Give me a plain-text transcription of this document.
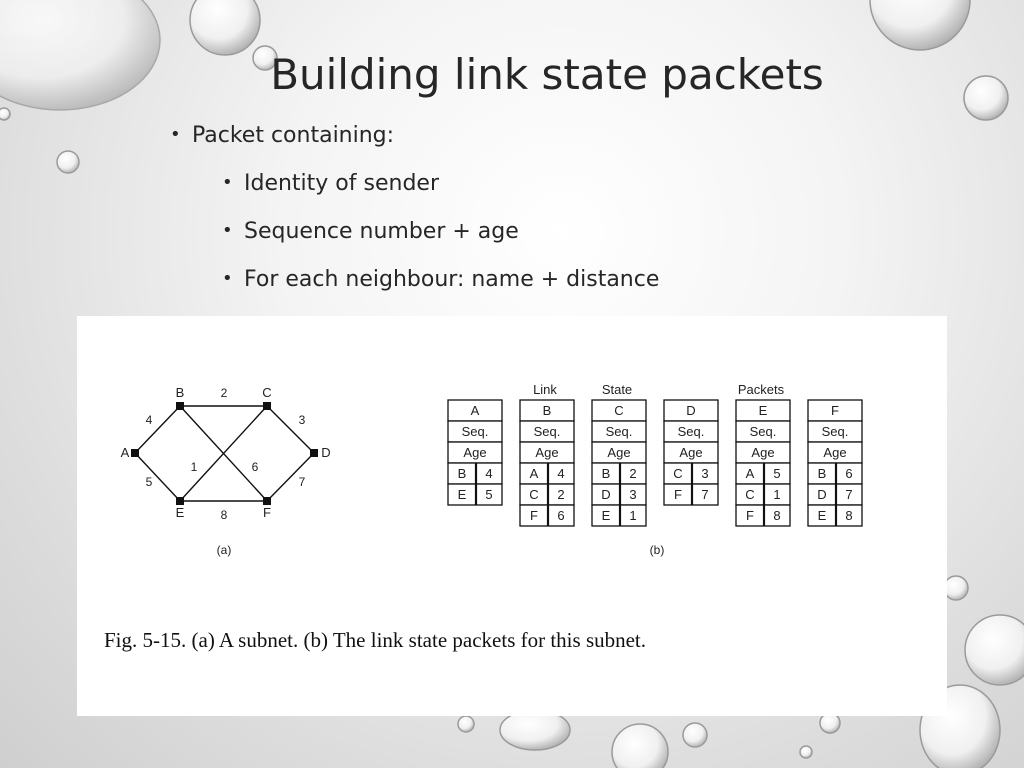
Building link state packets
• Packet containing:
• Identity of sender
• Sequence number + age
• For each neighbour: name + distance
4
2
3
5
8
7
1	6
A
B	C
D
E	F
A
Seq.
Age
B 4
E 5
B
Seq.
Age
A 4
C 2
F 6
C
Seq.
Age
B 2
D 3
E 1
D
Seq.
Age
C 3
F 7
E
Seq.
Age
A 5
C 1
F 8
F
Seq.
Age
B 6
D 7
E 8
(a)	(b)
Link	State	Packets
Fig. 5-15. (a) A subnet. (b) The link state packets for this subnet.
